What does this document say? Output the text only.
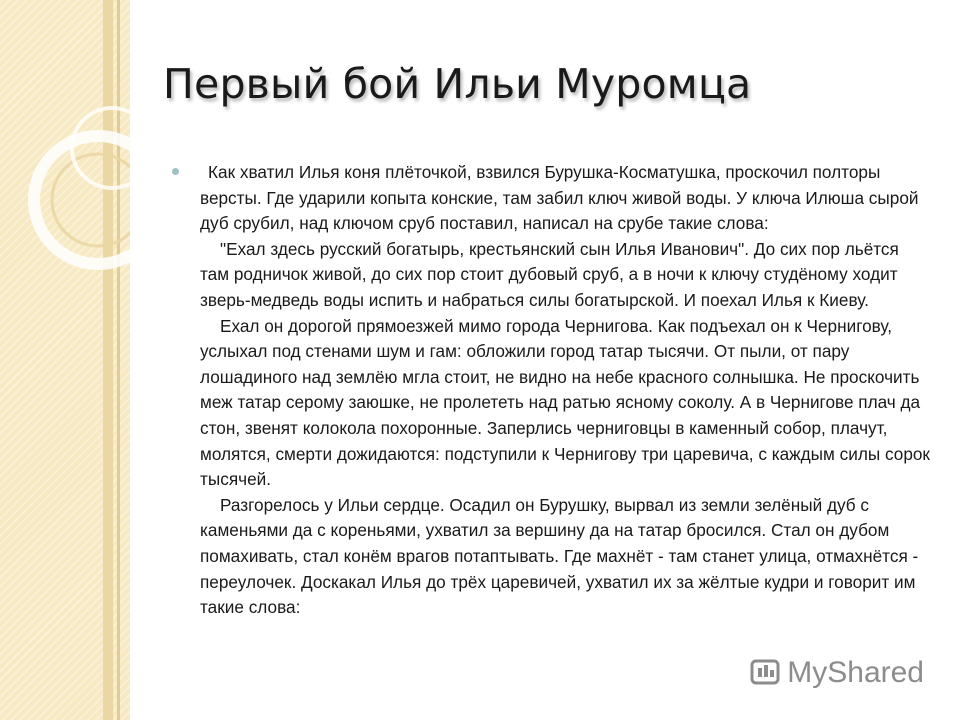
Первый бой Ильи Муромца

Как хватил Илья коня плёточкой, взвился Бурушка-Косматушка, проскочил полторы версты. Где ударили копыта конские, там забил ключ живой воды. У ключа Илюша сырой дуб срубил, над ключом сруб поставил, написал на срубе такие слова:

"Ехал здесь русский богатырь, крестьянский сын Илья Иванович". До сих пор льётся там родничок живой, до сих пор стоит дубовый сруб, а в ночи к ключу студёному ходит зверь-медведь воды испить и набраться силы богатырской. И поехал Илья к Киеву.

Ехал он дорогой прямоезжей мимо города Чернигова. Как подъехал он к Чернигову, услыхал под стенами шум и гам: обложили город татар тысячи. От пыли, от пару лошадиного над землёю мгла стоит, не видно на небе красного солнышка. Не проскочить меж татар серому заюшке, не пролететь над ратью ясному соколу. А в Чернигове плач да стон, звенят колокола похоронные. Заперлись черниговцы в каменный собор, плачут, молятся, смерти дожидаются: подступили к Чернигову три царевича, с каждым силы сорок тысячей.

Разгорелось у Ильи сердце. Осадил он Бурушку, вырвал из земли зелёный дуб с каменьями да с кореньями, ухватил за вершину да на татар бросился. Стал он дубом помахивать, стал конём врагов потаптывать. Где махнёт - там станет улица, отмахнётся - переулочек. Доскакал Илья до трёх царевичей, ухватил их за жёлтые кудри и говорит им такие слова:

MyShared
